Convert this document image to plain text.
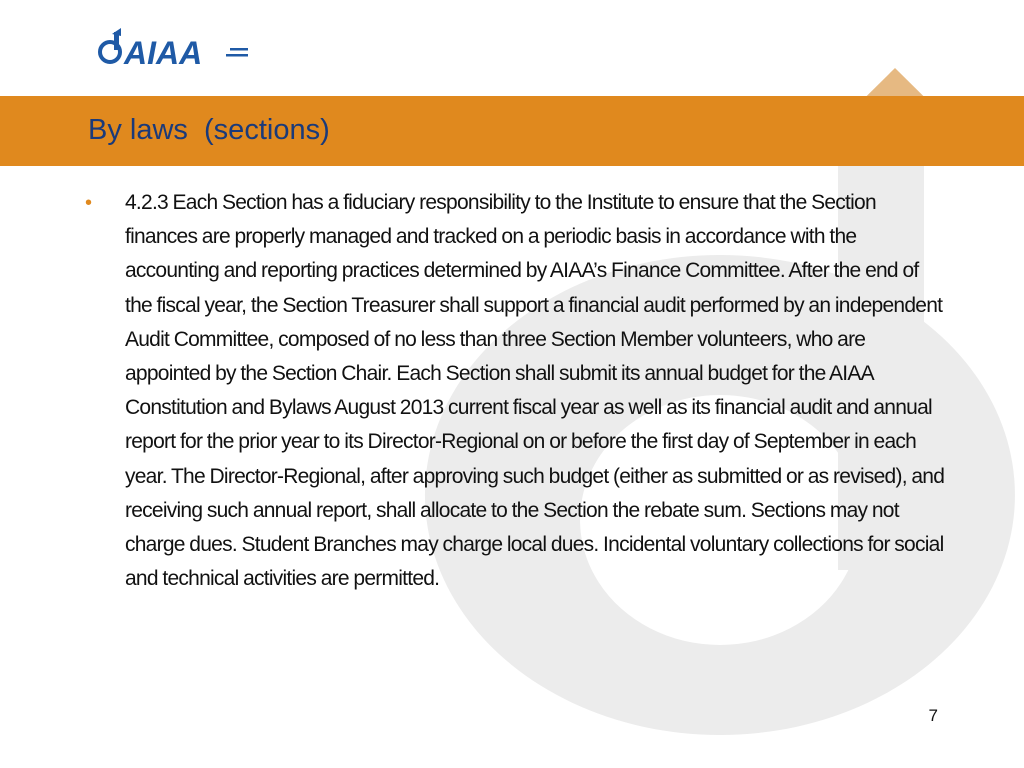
AIAA
By laws  (sections)
• 4.2.3 Each Section has a fiduciary responsibility to the Institute to ensure that the Section finances are properly managed and tracked on a periodic basis in accordance with the accounting and reporting practices determined by AIAA’s Finance Committee. After the end of the fiscal year, the Section Treasurer shall support a financial audit performed by an independent Audit Committee, composed of no less than three Section Member volunteers, who are appointed by the Section Chair. Each Section shall submit its annual budget for the AIAA Constitution and Bylaws August 2013 current fiscal year as well as its financial audit and annual report for the prior year to its Director-Regional on or before the first day of September in each year. The Director-Regional, after approving such budget (either as submitted or as revised), and receiving such annual report, shall allocate to the Section the rebate sum. Sections may not charge dues. Student Branches may charge local dues. Incidental voluntary collections for social and technical activities are permitted.

7
